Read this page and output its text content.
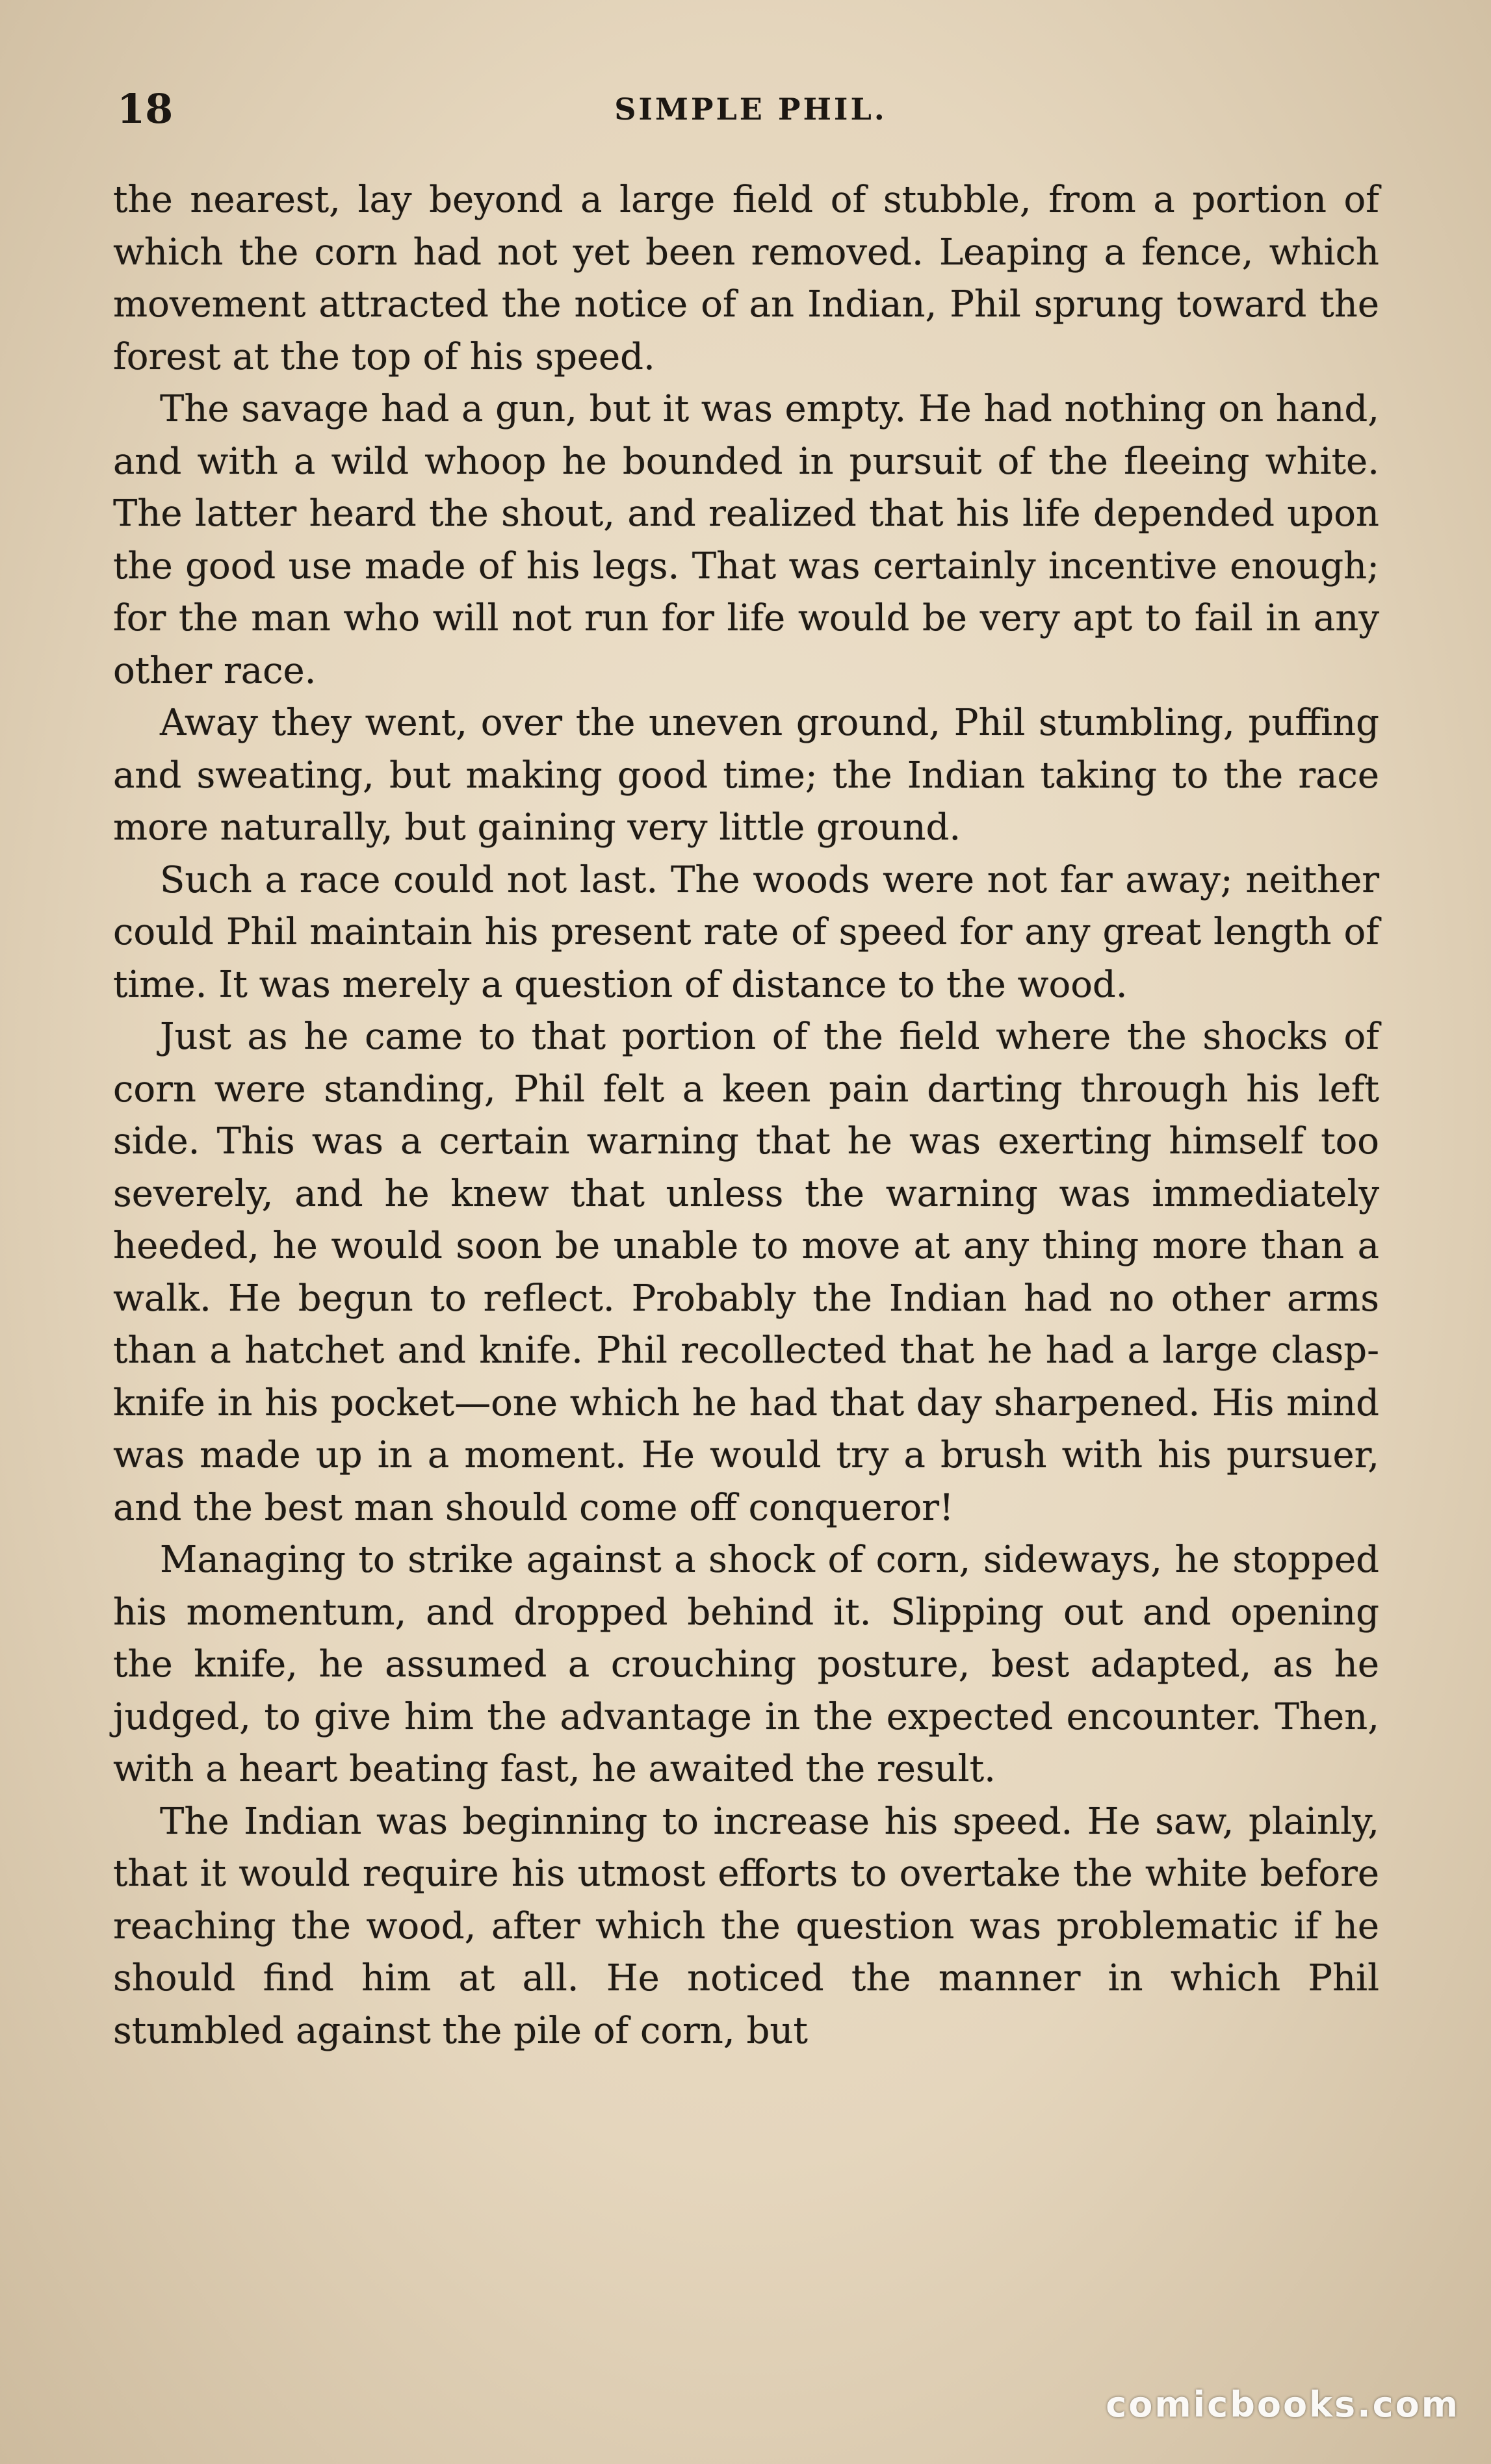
18	SIMPLE PHIL.

the nearest, lay beyond a large field of stubble, from a portion of which the corn had not yet been removed. Leaping a fence, which movement attracted the notice of an Indian, Phil sprung toward the forest at the top of his speed.

The savage had a gun, but it was empty. He had nothing on hand, and with a wild whoop he bounded in pursuit of the fleeing white. The latter heard the shout, and realized that his life depended upon the good use made of his legs. That was certainly incentive enough; for the man who will not run for life would be very apt to fail in any other race.

Away they went, over the uneven ground, Phil stumbling, puffing and sweating, but making good time; the Indian taking to the race more naturally, but gaining very little ground.

Such a race could not last. The woods were not far away; neither could Phil maintain his present rate of speed for any great length of time. It was merely a question of distance to the wood.

Just as he came to that portion of the field where the shocks of corn were standing, Phil felt a keen pain darting through his left side. This was a certain warning that he was exerting himself too severely, and he knew that unless the warning was immediately heeded, he would soon be unable to move at any thing more than a walk. He begun to reflect. Probably the Indian had no other arms than a hatchet and knife. Phil recollected that he had a large clasp-knife in his pocket—one which he had that day sharpened. His mind was made up in a moment. He would try a brush with his pursuer, and the best man should come off conqueror!

Managing to strike against a shock of corn, sideways, he stopped his momentum, and dropped behind it. Slipping out and opening the knife, he assumed a crouching posture, best adapted, as he judged, to give him the advantage in the expected encounter. Then, with a heart beating fast, he awaited the result.

The Indian was beginning to increase his speed. He saw, plainly, that it would require his utmost efforts to overtake the white before reaching the wood, after which the question was problematic if he should find him at all. He noticed the manner in which Phil stumbled against the pile of corn, but

comicbooks.com
